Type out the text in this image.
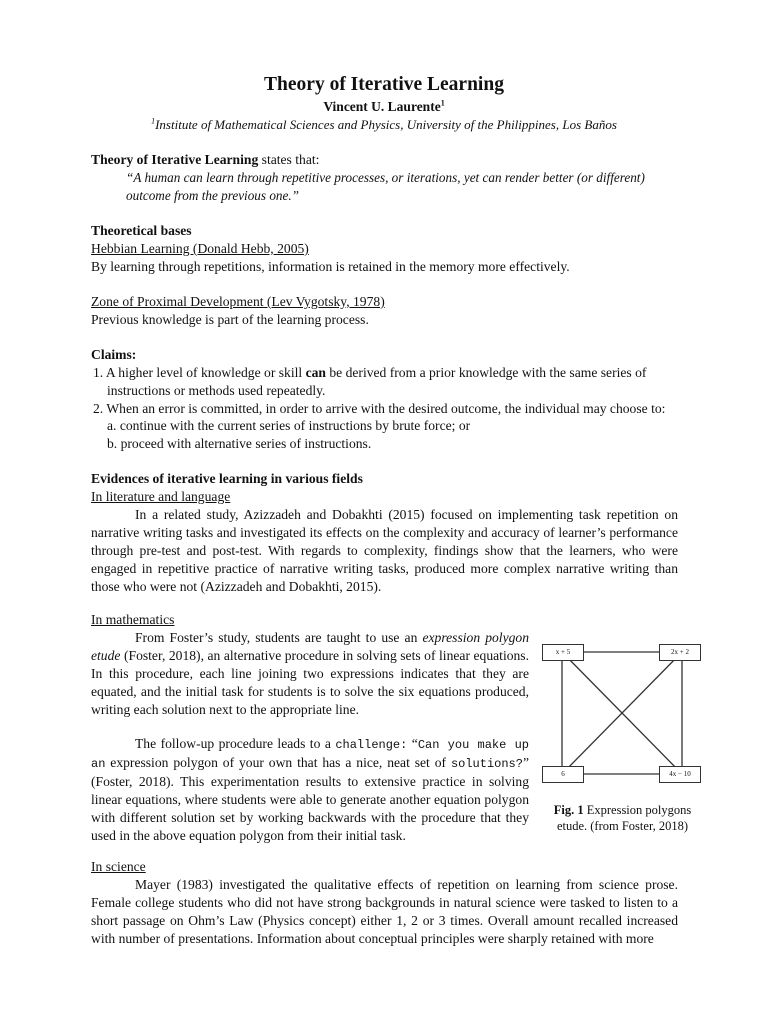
Theory of Iterative Learning
Vincent U. Laurente$^1$
$^1$Institute of Mathematical Sciences and Physics, University of the Philippines, Los Baños
Theory of Iterative Learning states that:
“A human can learn through repetitive processes, or iterations, yet can render better (or different)
outcome from the previous one.”
Theoretical bases
Hebbian Learning (Donald Hebb, 2005)
By learning through repetitions, information is retained in the memory more effectively.
Zone of Proximal Development (Lev Vygotsky, 1978)
Previous knowledge is part of the learning process.
Claims:
1. A higher level of knowledge or skill can be derived from a prior knowledge with the same series of
instructions or methods used repeatedly.
2. When an error is committed, in order to arrive with the desired outcome, the individual may choose to:
a. continue with the current series of instructions by brute force; or
b. proceed with alternative series of instructions.
Evidences of iterative learning in various fields
In literature and language

In a related study, Azizzadeh and Dobakhti (2015) focused on implementing task repetition on narrative writing tasks and investigated its effects on the complexity and accuracy of learner’s performance through pre-test and post-test. With regards to complexity, findings show that the learners, who were engaged in repetitive practice of narrative writing tasks, produced more complex narrative writing than those who were not (Azizzadeh and Dobakhti, 2015).

In mathematics

From Foster’s study, students are taught to use an expression polygon etude (Foster, 2018), an alternative procedure in solving sets of linear equations. In this procedure, each line joining two expressions indicates that they are equated, and the initial task for students is to solve the six equations produced, writing each solution next to the appropriate line.

The follow-up procedure leads to a challenge: “Can you make up an expression polygon of your own that has a nice, neat set of solutions?” (Foster, 2018). This experimentation results to extensive practice in solving linear equations, where students were able to generate another equation polygon with different solution set by working backwards with the procedure that they used in the above equation polygon from their initial task.

x + 5	2x + 2
6	4x − 10
Fig. 1 Expression polygons etude. (from Foster, 2018)
In science

Mayer (1983) investigated the qualitative effects of repetition on learning from science prose. Female college students who did not have strong backgrounds in natural science were tasked to listen to a short passage on Ohm’s Law (Physics concept) either 1, 2 or 3 times. Overall amount recalled increased with number of presentations. Information about conceptual principles were sharply retained with more
